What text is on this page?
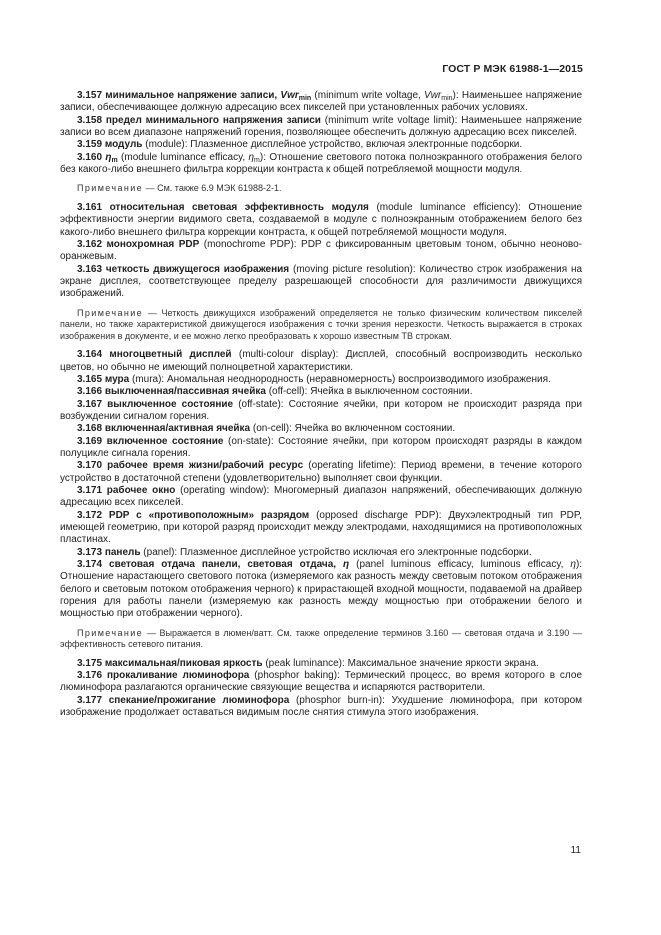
ГОСТ Р МЭК 61988-1—2015

3.157 минимальное напряжение записи, Vwr$_{min}$ (minimum write voltage, Vwr$_{min}$): Наименьшее напряжение записи, обеспечивающее должную адресацию всех пикселей при установленных рабочих условиях.

3.158 предел минимального напряжения записи (minimum write voltage limit): Наименьшее напряжение записи во всем диапазоне напряжений горения, позволяющее обеспечить должную адресацию всех пикселей.

3.159 модуль (module): Плазменное дисплейное устройство, включая электронные подсборки.

3.160 $\eta_m$ (module luminance efficacy, $\eta_m$): Отношение светового потока полноэкранного отображения белого без какого-либо внешнего фильтра коррекции контраста к общей потребляемой мощности модуля.

Примечание — См. также 6.9 МЭК 61988-2-1.

3.161 относительная световая эффективность модуля (module luminance efficiency): Отношение эффективности энергии видимого света, создаваемой в модуле с полноэкранным отображением белого без какого-либо внешнего фильтра коррекции контраста, к общей потребляемой мощности модуля.

3.162 монохромная PDP (monochrome PDP): PDP с фиксированным цветовым тоном, обычно неоново-оранжевым.

3.163 четкость движущегося изображения (moving picture resolution): Количество строк изображения на экране дисплея, соответствующее пределу разрешающей способности для различимости движущихся изображений.

Примечание — Четкость движущихся изображений определяется не только физическим количеством пикселей панели, но также характеристикой движущегося изображения с точки зрения нерезкости. Четкость выражается в строках изображения в документе, и ее можно легко преобразовать к хорошо известным ТВ строкам.

3.164 многоцветный дисплей (multi-colour display): Дисплей, способный воспроизводить несколько цветов, но обычно не имеющий полноцветной характеристики.

3.165 мура (mura): Аномальная неоднородность (неравномерность) воспроизводимого изображения.

3.166 выключенная/пассивная ячейка (off-cell): Ячейка в выключенном состоянии.

3.167 выключенное состояние (off-state): Состояние ячейки, при котором не происходит разряда при возбуждении сигналом горения.

3.168 включенная/активная ячейка (on-cell): Ячейка во включенном состоянии.

3.169 включенное состояние (on-state): Состояние ячейки, при котором происходят разряды в каждом полуцикле сигнала горения.

3.170 рабочее время жизни/рабочий ресурс (operating lifetime): Период времени, в течение которого устройство в достаточной степени (удовлетворительно) выполняет свои функции.

3.171 рабочее окно (operating window): Многомерный диапазон напряжений, обеспечивающих должную адресацию всех пикселей.

3.172 PDP с «противоположным» разрядом (opposed discharge PDP): Двухэлектродный тип PDP, имеющей геометрию, при которой разряд происходит между электродами, находящимися на противоположных пластинах.

3.173 панель (panel): Плазменное дисплейное устройство исключая его электронные подсборки.

3.174 световая отдача панели, световая отдача, η (panel luminous efficacy, luminous efficacy, η): Отношение нарастающего светового потока (измеряемого как разность между световым потоком отображения белого и световым потоком отображения черного) к прирастающей входной мощности, подаваемой на драйвер горения для работы панели (измеряемую как разность между мощностью при отображении белого и мощностью при отображении черного).

Примечание — Выражается в люмен/ватт. См. также определение терминов 3.160 — световая отдача и 3.190 — эффективность сетевого питания.

3.175 максимальная/пиковая яркость (peak luminance): Максимальное значение яркости экрана.

3.176 прокаливание люминофора (phosphor baking): Термический процесс, во время которого в слое люминофора разлагаются органические связующие вещества и испаряются растворители.

3.177 спекание/прожигание люминофора (phosphor burn-in): Ухудшение люминофора, при котором изображение продолжает оставаться видимым после снятия стимула этого изображения.

11
